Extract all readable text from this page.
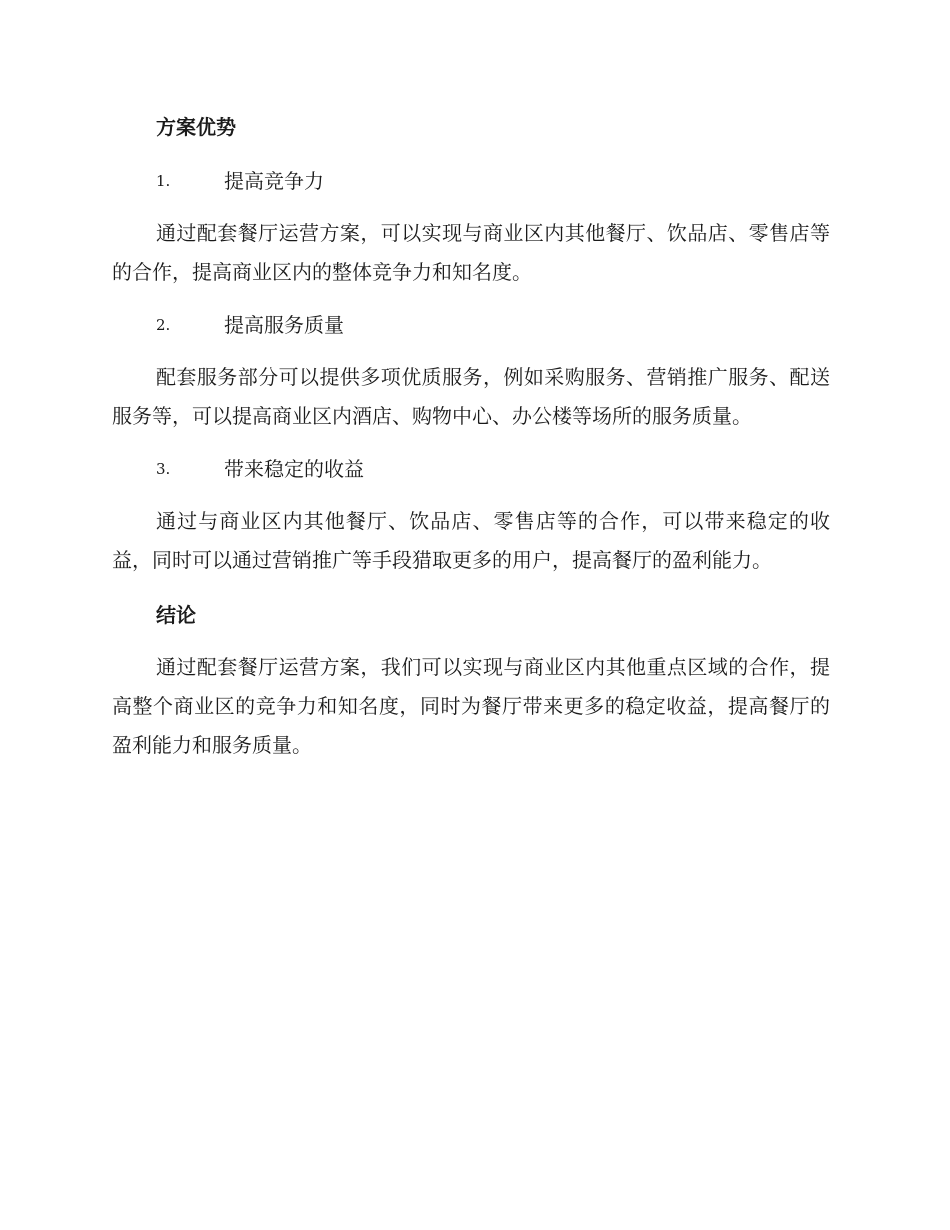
方案优势
1.	提高竞争力

通过配套餐厅运营方案，可以实现与商业区内其他餐厅、饮品店、零售店等的合作，提高商业区内的整体竞争力和知名度。

2.	提高服务质量

配套服务部分可以提供多项优质服务，例如采购服务、营销推广服务、配送服务等，可以提高商业区内酒店、购物中心、办公楼等场所的服务质量。

3.	带来稳定的收益

通过与商业区内其他餐厅、饮品店、零售店等的合作，可以带来稳定的收益，同时可以通过营销推广等手段猎取更多的用户，提高餐厅的盈利能力。

结论

通过配套餐厅运营方案，我们可以实现与商业区内其他重点区域的合作，提高整个商业区的竞争力和知名度，同时为餐厅带来更多的稳定收益，提高餐厅的盈利能力和服务质量。
